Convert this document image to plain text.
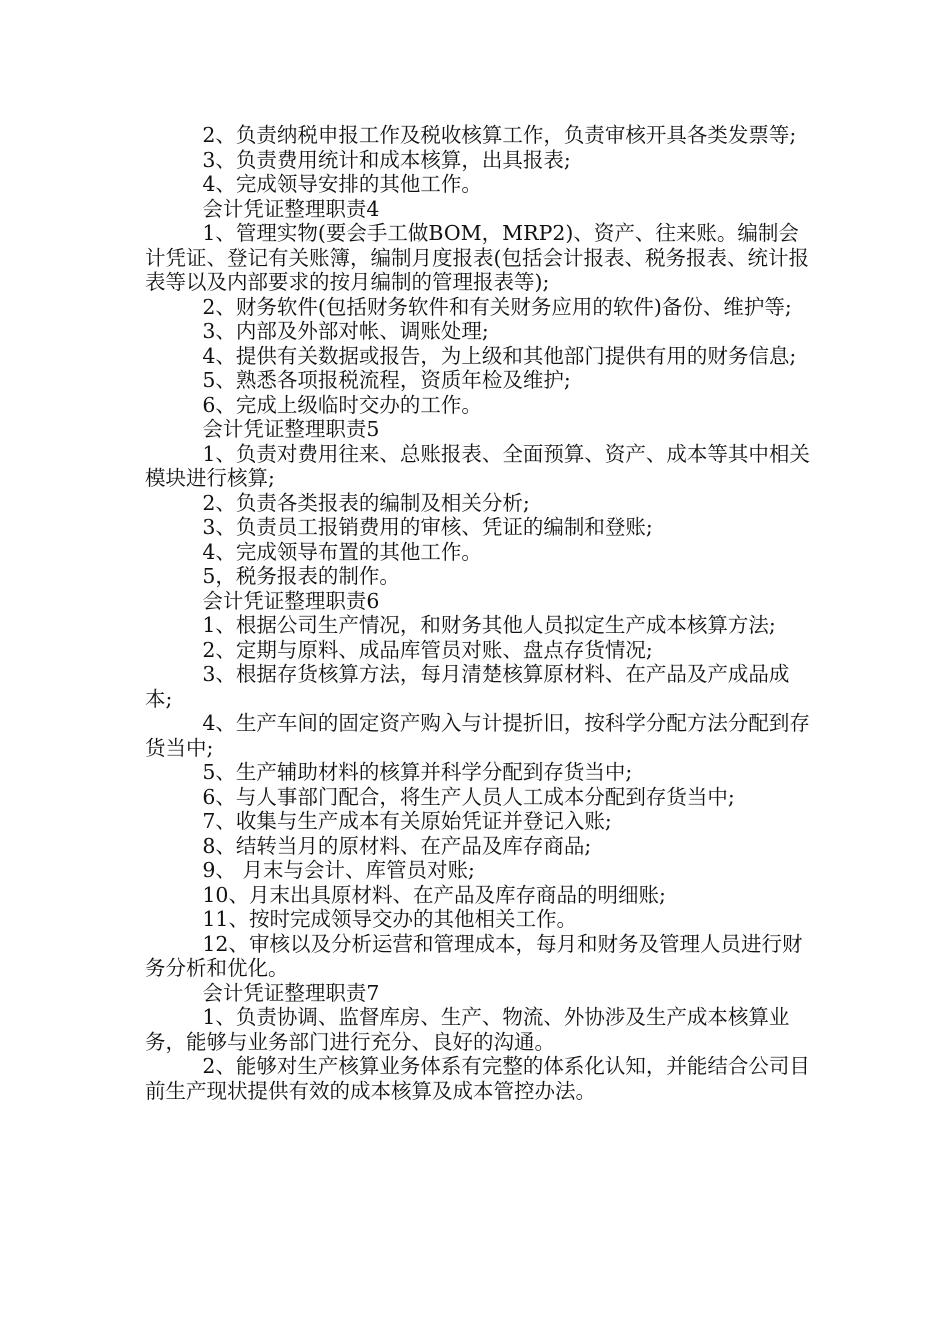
2、负责纳税申报工作及税收核算工作，负责审核开具各类发票等;

3、负责费用统计和成本核算，出具报表;

4、完成领导安排的其他工作。

会计凭证整理职责4

1、管理实物(要会手工做BOM，MRP2)、资产、往来账。编制会计凭证、登记有关账簿，编制月度报表(包括会计报表、税务报表、统计报表等以及内部要求的按月编制的管理报表等);

2、财务软件(包括财务软件和有关财务应用的软件)备份、维护等;

3、内部及外部对帐、调账处理;

4、提供有关数据或报告，为上级和其他部门提供有用的财务信息;

5、熟悉各项报税流程，资质年检及维护;

6、完成上级临时交办的工作。

会计凭证整理职责5

1、负责对费用往来、总账报表、全面预算、资产、成本等其中相关模块进行核算;

2、负责各类报表的编制及相关分析;

3、负责员工报销费用的审核、凭证的编制和登账;

4、完成领导布置的其他工作。

5，税务报表的制作。

会计凭证整理职责6

1、根据公司生产情况，和财务其他人员拟定生产成本核算方法;

2、定期与原料、成品库管员对账、盘点存货情况;

3、根据存货核算方法，每月清楚核算原材料、在产品及产成品成本;

4、生产车间的固定资产购入与计提折旧，按科学分配方法分配到存货当中;

5、生产辅助材料的核算并科学分配到存货当中;

6、与人事部门配合，将生产人员人工成本分配到存货当中;

7、收集与生产成本有关原始凭证并登记入账;

8、结转当月的原材料、在产品及库存商品;

9、 月末与会计、库管员对账;

10、月末出具原材料、在产品及库存商品的明细账;

11、按时完成领导交办的其他相关工作。

12、审核以及分析运营和管理成本，每月和财务及管理人员进行财务分析和优化。

会计凭证整理职责7

1、负责协调、监督库房、生产、物流、外协涉及生产成本核算业务，能够与业务部门进行充分、良好的沟通。

2、能够对生产核算业务体系有完整的体系化认知，并能结合公司目前生产现状提供有效的成本核算及成本管控办法。
